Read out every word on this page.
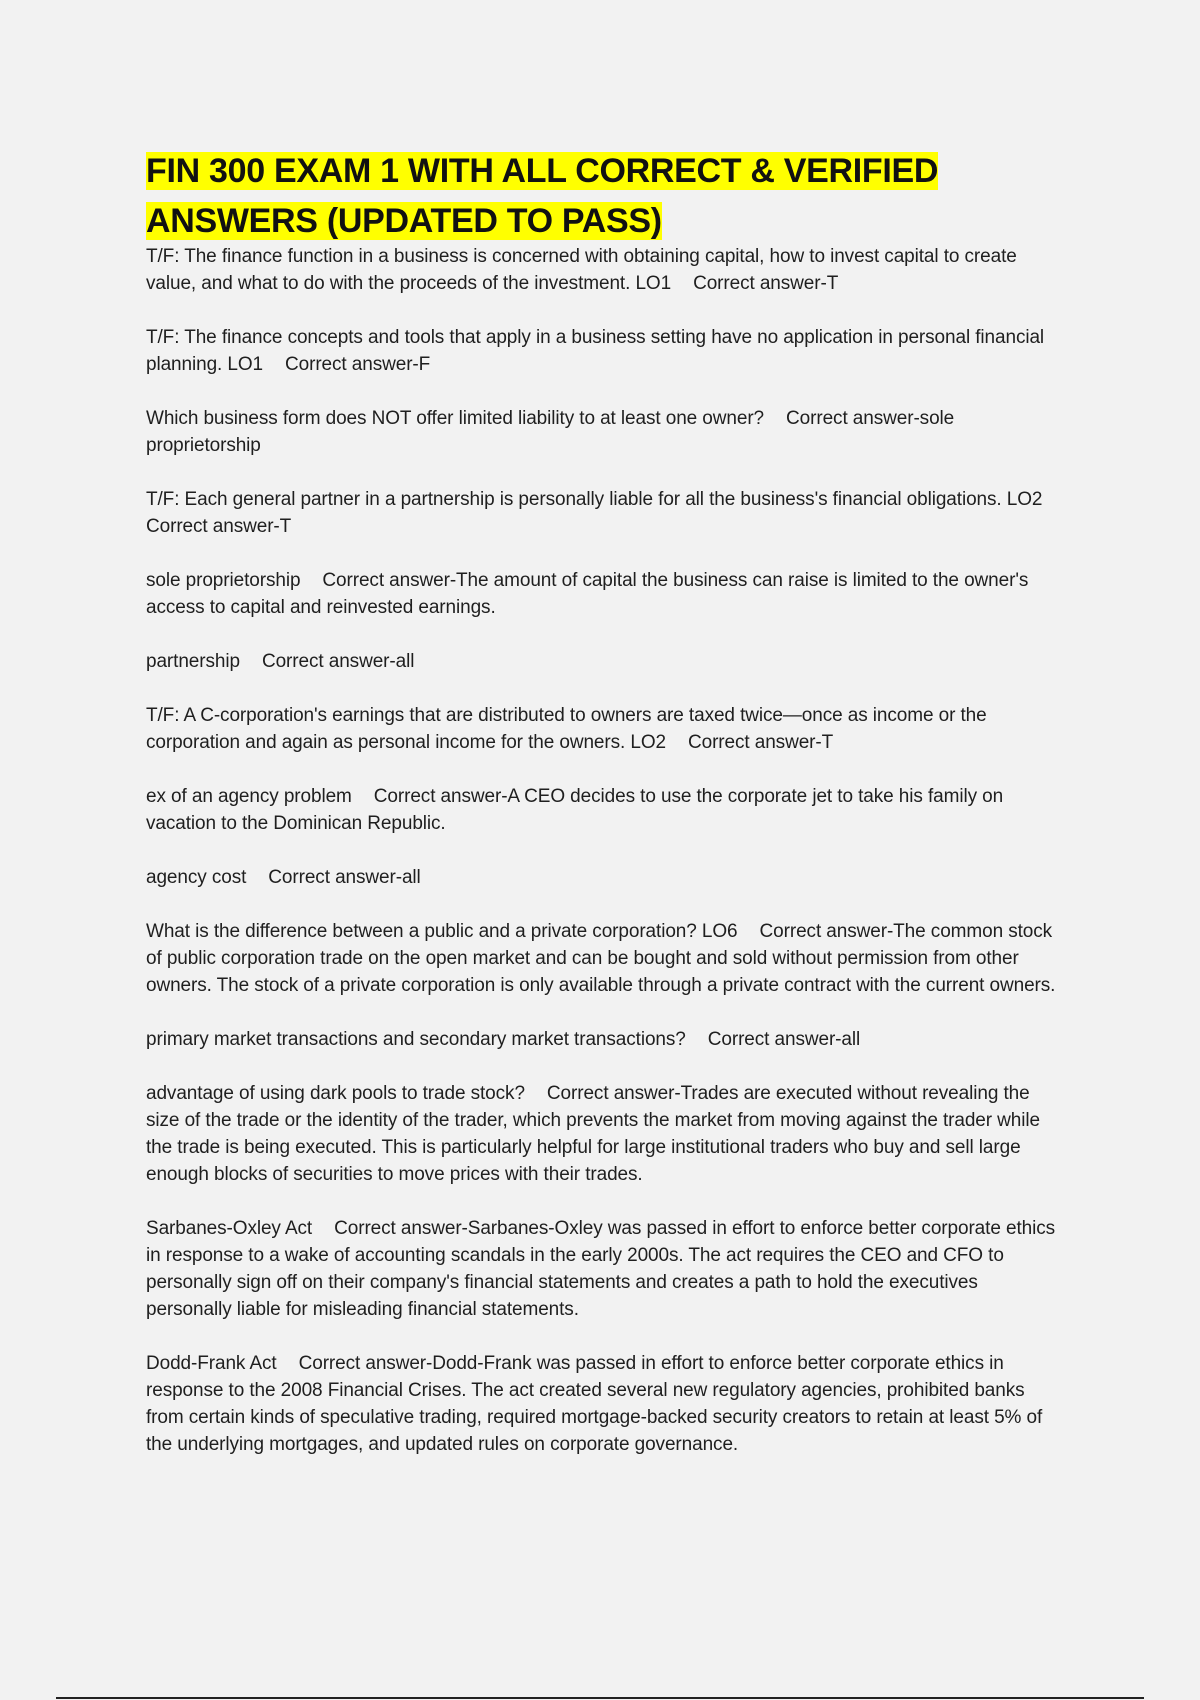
FIN 300 EXAM 1 WITH ALL CORRECT & VERIFIED ANSWERS (UPDATED TO PASS)

T/F: The finance function in a business is concerned with obtaining capital, how to invest capital to create value, and what to do with the proceeds of the investment. LO1 Correct answer-T

T/F: The finance concepts and tools that apply in a business setting have no application in personal financial planning. LO1 Correct answer-F

Which business form does NOT offer limited liability to at least one owner? Correct answer-sole proprietorship

T/F: Each general partner in a partnership is personally liable for all the business's financial obligations. LO2Correct answer-T

sole proprietorship Correct answer-The amount of capital the business can raise is limited to the owner's access to capital and reinvested earnings.

partnership Correct answer-all

T/F: A C-corporation's earnings that are distributed to owners are taxed twice—once as income or the corporation and again as personal income for the owners. LO2 Correct answer-T

ex of an agency problem Correct answer-A CEO decides to use the corporate jet to take his family on vacation to the Dominican Republic.

agency cost Correct answer-all

What is the difference between a public and a private corporation? LO6 Correct answer-The common stock of public corporation trade on the open market and can be bought and sold without permission from other owners. The stock of a private corporation is only available through a private contract with the current owners.

primary market transactions and secondary market transactions? Correct answer-all

advantage of using dark pools to trade stock? Correct answer-Trades are executed without revealing the size of the trade or the identity of the trader, which prevents the market from moving against the trader while the trade is being executed. This is particularly helpful for large institutional traders who buy and sell large enough blocks of securities to move prices with their trades.

Sarbanes-Oxley Act Correct answer-Sarbanes-Oxley was passed in effort to enforce better corporate ethics in response to a wake of accounting scandals in the early 2000s. The act requires the CEO and CFO to personally sign off on their company's financial statements and creates a path to hold the executives personally liable for misleading financial statements.

Dodd-Frank Act Correct answer-Dodd-Frank was passed in effort to enforce better corporate ethics in response to the 2008 Financial Crises. The act created several new regulatory agencies, prohibited banks from certain kinds of speculative trading, required mortgage-backed security creators to retain at least 5% of the underlying mortgages, and updated rules on corporate governance.
